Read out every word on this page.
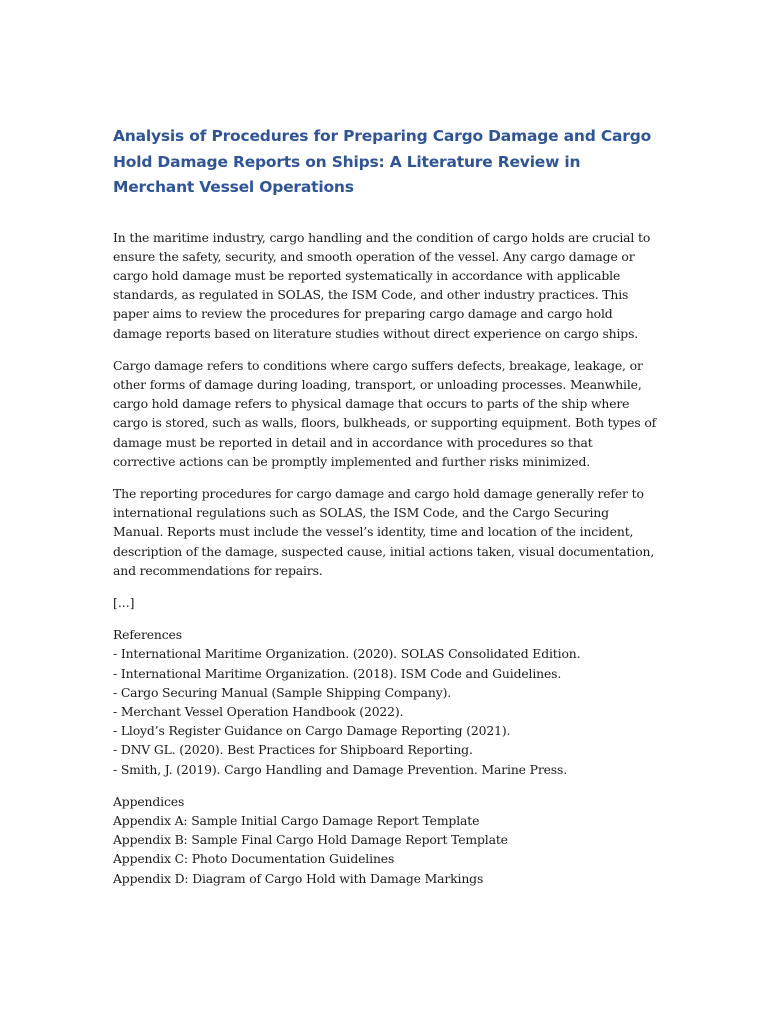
Analysis of Procedures for Preparing Cargo Damage and Cargo Hold Damage Reports on Ships: A Literature Review in Merchant Vessel Operations

In the maritime industry, cargo handling and the condition of cargo holds are crucial to ensure the safety, security, and smooth operation of the vessel. Any cargo damage or cargo hold damage must be reported systematically in accordance with applicable standards, as regulated in SOLAS, the ISM Code, and other industry practices. This paper aims to review the procedures for preparing cargo damage and cargo hold damage reports based on literature studies without direct experience on cargo ships.

Cargo damage refers to conditions where cargo suffers defects, breakage, leakage, or other forms of damage during loading, transport, or unloading processes. Meanwhile, cargo hold damage refers to physical damage that occurs to parts of the ship where cargo is stored, such as walls, floors, bulkheads, or supporting equipment. Both types of damage must be reported in detail and in accordance with procedures so that corrective actions can be promptly implemented and further risks minimized.

The reporting procedures for cargo damage and cargo hold damage generally refer to international regulations such as SOLAS, the ISM Code, and the Cargo Securing Manual. Reports must include the vessel’s identity, time and location of the incident, description of the damage, suspected cause, initial actions taken, visual documentation, and recommendations for repairs.

[...]

References

- International Maritime Organization. (2020). SOLAS Consolidated Edition.

- International Maritime Organization. (2018). ISM Code and Guidelines.

- Cargo Securing Manual (Sample Shipping Company).

- Merchant Vessel Operation Handbook (2022).

- Lloyd’s Register Guidance on Cargo Damage Reporting (2021).

- DNV GL. (2020). Best Practices for Shipboard Reporting.

- Smith, J. (2019). Cargo Handling and Damage Prevention. Marine Press.

Appendices

Appendix A: Sample Initial Cargo Damage Report Template

Appendix B: Sample Final Cargo Hold Damage Report Template

Appendix C: Photo Documentation Guidelines

Appendix D: Diagram of Cargo Hold with Damage Markings
